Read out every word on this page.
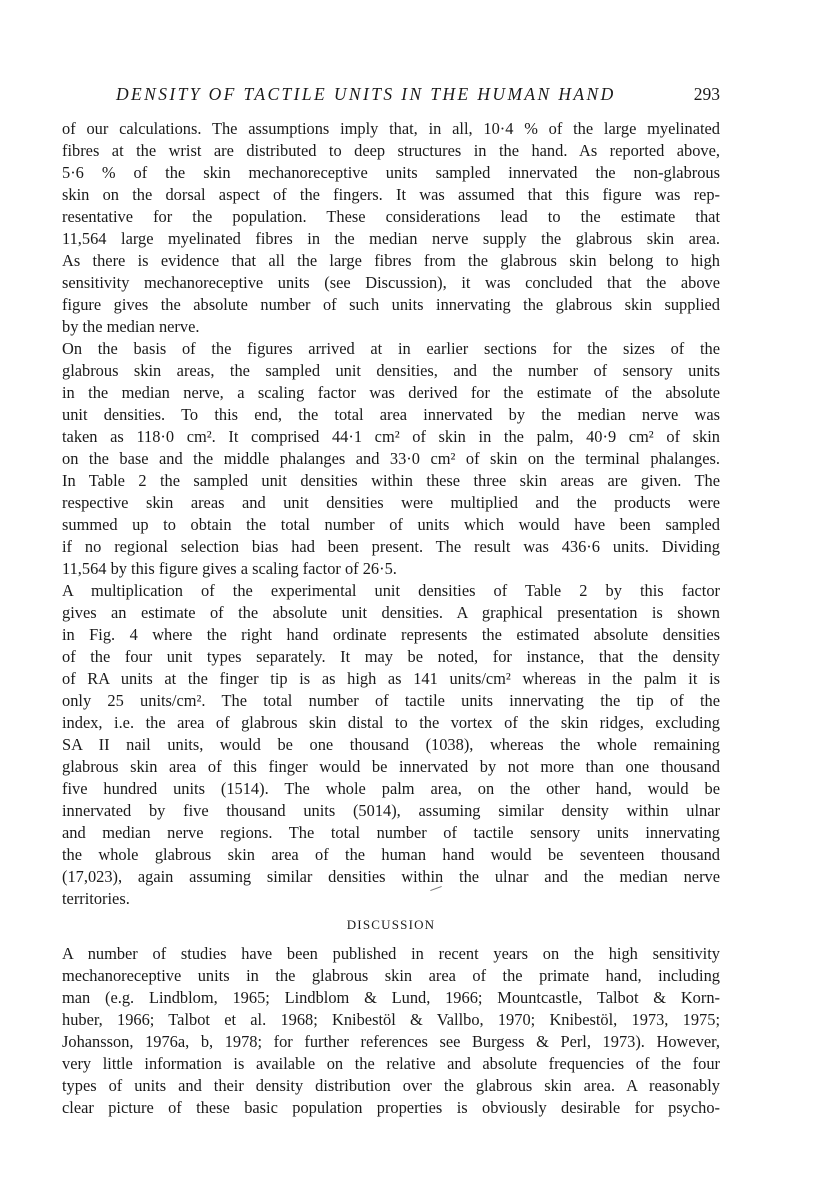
DENSITY OF TACTILE UNITS IN THE HUMAN HAND	293

of our calculations. The assumptions imply that, in all, 10·4 % of the large myelinated
fibres at the wrist are distributed to deep structures in the hand. As reported above,
5·6 % of the skin mechanoreceptive units sampled innervated the non-glabrous
skin on the dorsal aspect of the fingers. It was assumed that this figure was rep-
resentative for the population. These considerations lead to the estimate that
11,564 large myelinated fibres in the median nerve supply the glabrous skin area.
As there is evidence that all the large fibres from the glabrous skin belong to high
sensitivity mechanoreceptive units (see Discussion), it was concluded that the above
figure gives the absolute number of such units innervating the glabrous skin supplied
by the median nerve.

On the basis of the figures arrived at in earlier sections for the sizes of the
glabrous skin areas, the sampled unit densities, and the number of sensory units
in the median nerve, a scaling factor was derived for the estimate of the absolute
unit densities. To this end, the total area innervated by the median nerve was
taken as 118·0 cm². It comprised 44·1 cm² of skin in the palm, 40·9 cm² of skin
on the base and the middle phalanges and 33·0 cm² of skin on the terminal phalanges.
In Table 2 the sampled unit densities within these three skin areas are given. The
respective skin areas and unit densities were multiplied and the products were
summed up to obtain the total number of units which would have been sampled
if no regional selection bias had been present. The result was 436·6 units. Dividing
11,564 by this figure gives a scaling factor of 26·5.

A multiplication of the experimental unit densities of Table 2 by this factor
gives an estimate of the absolute unit densities. A graphical presentation is shown
in Fig. 4 where the right hand ordinate represents the estimated absolute densities
of the four unit types separately. It may be noted, for instance, that the density
of RA units at the finger tip is as high as 141 units/cm² whereas in the palm it is
only 25 units/cm². The total number of tactile units innervating the tip of the
index, i.e. the area of glabrous skin distal to the vortex of the skin ridges, excluding
SA II nail units, would be one thousand (1038), whereas the whole remaining
glabrous skin area of this finger would be innervated by not more than one thousand
five hundred units (1514). The whole palm area, on the other hand, would be
innervated by five thousand units (5014), assuming similar density within ulnar
and median nerve regions. The total number of tactile sensory units innervating
the whole glabrous skin area of the human hand would be seventeen thousand
(17,023), again assuming similar densities within the ulnar and the median nerve
territories.

DISCUSSION

A number of studies have been published in recent years on the high sensitivity
mechanoreceptive units in the glabrous skin area of the primate hand, including
man (e.g. Lindblom, 1965; Lindblom & Lund, 1966; Mountcastle, Talbot & Korn-
huber, 1966; Talbot et al. 1968; Knibestöl & Vallbo, 1970; Knibestöl, 1973, 1975;
Johansson, 1976a, b, 1978; for further references see Burgess & Perl, 1973). However,
very little information is available on the relative and absolute frequencies of the four
types of units and their density distribution over the glabrous skin area. A reasonably
clear picture of these basic population properties is obviously desirable for psycho-
